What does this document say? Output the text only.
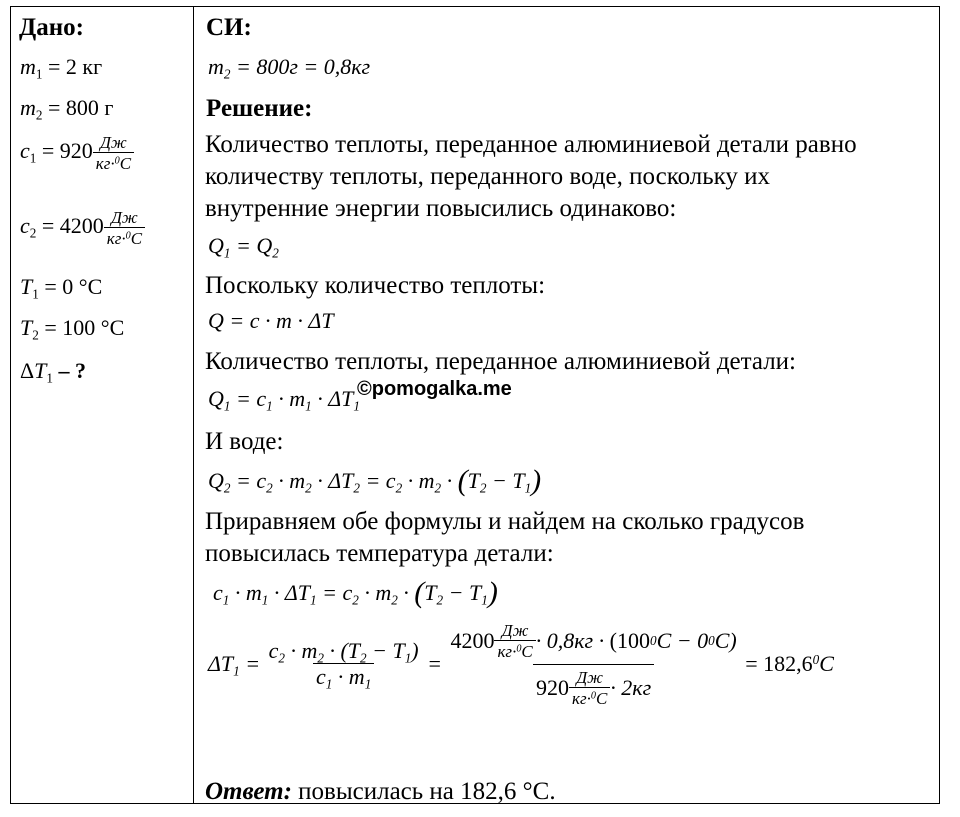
Дано:
$m_1 = 2$ кг
$m_2 = 800$ г
$c_1 = 920 \frac{Дж}{кг\cdot^0C}$
$c_2 = 4200 \frac{Дж}{кг\cdot^0C}$
$T_1 = 0$ °C
$T_2 = 100$ °C
$\Delta T_1$ – ?
СИ:
$m_2 = 800г = 0,8кг$
Решение:
Количество теплоты, переданное алюминиевой детали равно
количеству теплоты, переданного воде, поскольку их
внутренние энергии повысились одинаково:
$Q_1 = Q_2$
Поскольку количество теплоты:
Q = c · m · ΔT
Количество теплоты, переданное алюминиевой детали:
$Q_1 = c_1 \cdot m_1 \cdot \Delta T_1$
©pomogalka.me
И воде:
$Q_2 = c_2 \cdot m_2 \cdot \Delta T_2 = c_2 \cdot m_2 \cdot (T_2 - T_1)$
Приравняем обе формулы и найдем на сколько градусов
повысилась температура детали:
$c_1 \cdot m_1 \cdot \Delta T_1 = c_2 \cdot m_2 \cdot (T_2 - T_1)$
$\Delta T_1 = \frac{c_2 \cdot m_2 \cdot (T_2 - T_1)}{c_1 \cdot m_1} = 4200 \frac{Дж}{кг\cdot^0C} \cdot 0,8кг$ ·
(100 0 C − 0 0 C)
$920 \frac{Дж}{кг\cdot^0C} \cdot 2кг = 182,6^0C$
Ответ: повысилась на 182,6 °С.
